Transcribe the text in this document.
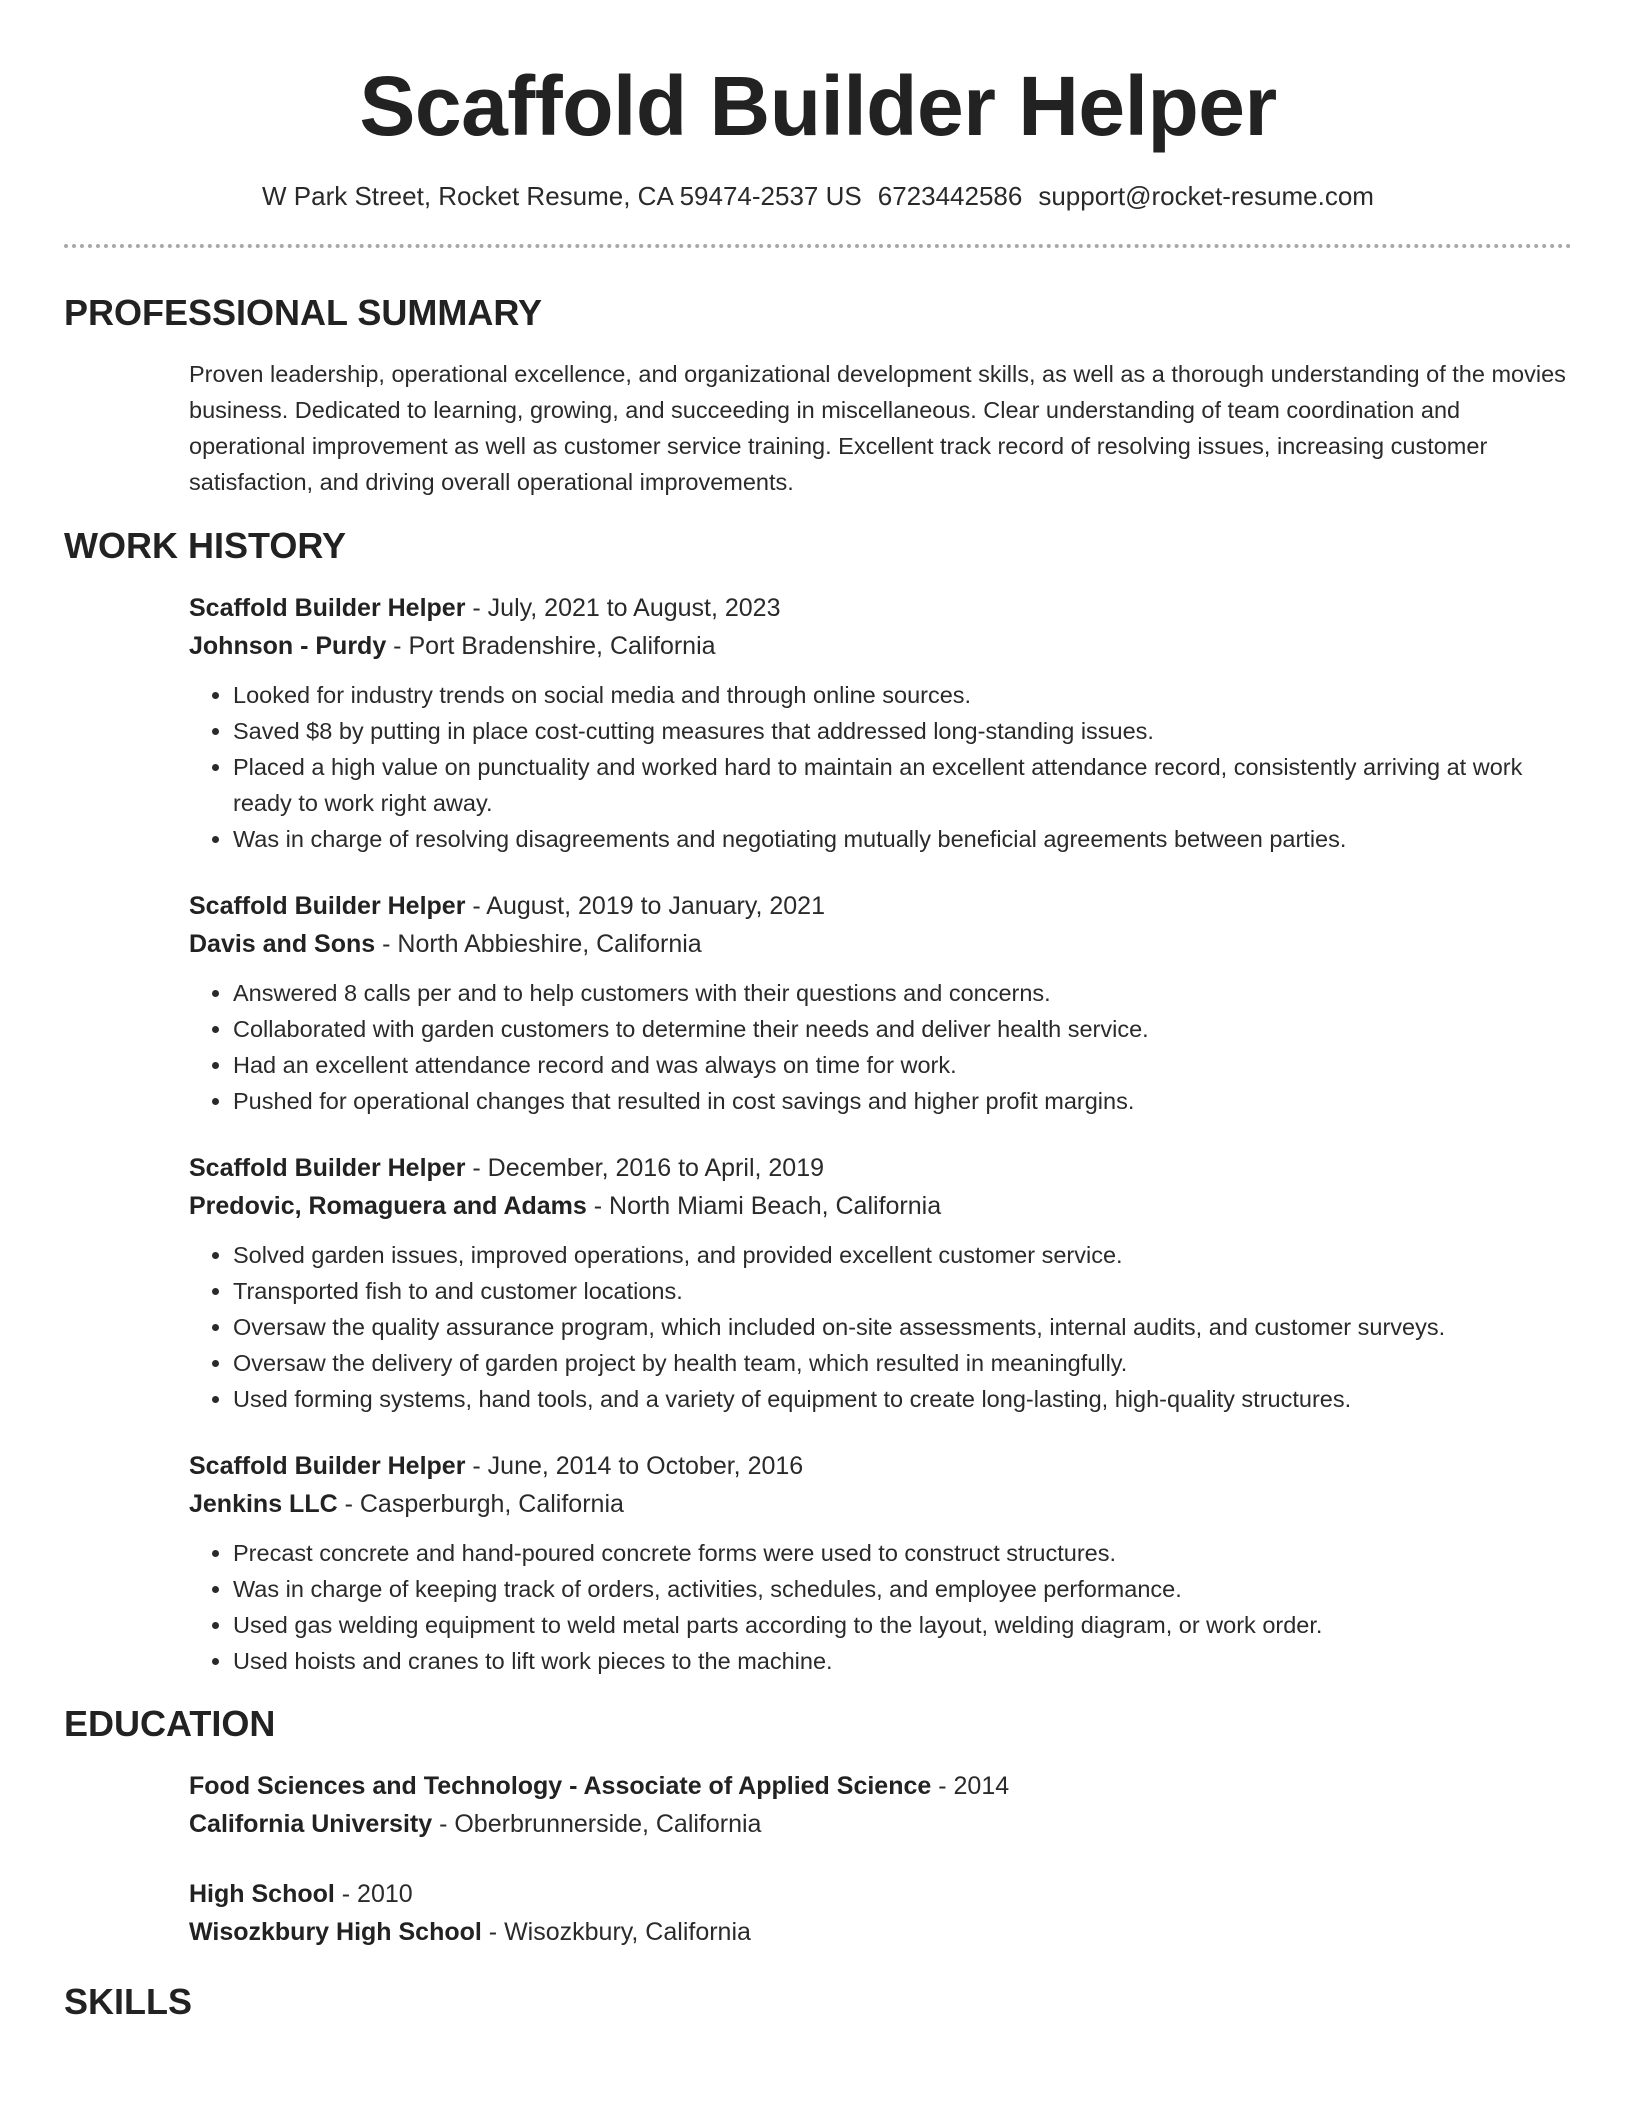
Scaffold Builder Helper
W Park Street, Rocket Resume, CA 59474-2537 US 6723442586 support@rocket-resume.com
PROFESSIONAL SUMMARY
Proven leadership, operational excellence, and organizational development skills, as well as a thorough understanding of the movies business. Dedicated to learning, growing, and succeeding in miscellaneous. Clear understanding of team coordination and operational improvement as well as customer service training. Excellent track record of resolving issues, increasing customer satisfaction, and driving overall operational improvements.
WORK HISTORY
Scaffold Builder Helper - July, 2021 to August, 2023
Johnson - Purdy - Port Bradenshire, California
• Looked for industry trends on social media and through online sources.
• Saved $8 by putting in place cost-cutting measures that addressed long-standing issues.
• Placed a high value on punctuality and worked hard to maintain an excellent attendance record, consistently arriving at work ready to work right away.
• Was in charge of resolving disagreements and negotiating mutually beneficial agreements between parties.
Scaffold Builder Helper - August, 2019 to January, 2021
Davis and Sons - North Abbieshire, California
• Answered 8 calls per and to help customers with their questions and concerns.
• Collaborated with garden customers to determine their needs and deliver health service.
• Had an excellent attendance record and was always on time for work.
• Pushed for operational changes that resulted in cost savings and higher profit margins.
Scaffold Builder Helper - December, 2016 to April, 2019
Predovic, Romaguera and Adams - North Miami Beach, California
• Solved garden issues, improved operations, and provided excellent customer service.
• Transported fish to and customer locations.
• Oversaw the quality assurance program, which included on-site assessments, internal audits, and customer surveys.
• Oversaw the delivery of garden project by health team, which resulted in meaningfully.
• Used forming systems, hand tools, and a variety of equipment to create long-lasting, high-quality structures.
Scaffold Builder Helper - June, 2014 to October, 2016
Jenkins LLC - Casperburgh, California
• Precast concrete and hand-poured concrete forms were used to construct structures.
• Was in charge of keeping track of orders, activities, schedules, and employee performance.
• Used gas welding equipment to weld metal parts according to the layout, welding diagram, or work order.
• Used hoists and cranes to lift work pieces to the machine.
EDUCATION
Food Sciences and Technology - Associate of Applied Science - 2014
California University - Oberbrunnerside, California
High School - 2010
Wisozkbury High School - Wisozkbury, California
SKILLS
